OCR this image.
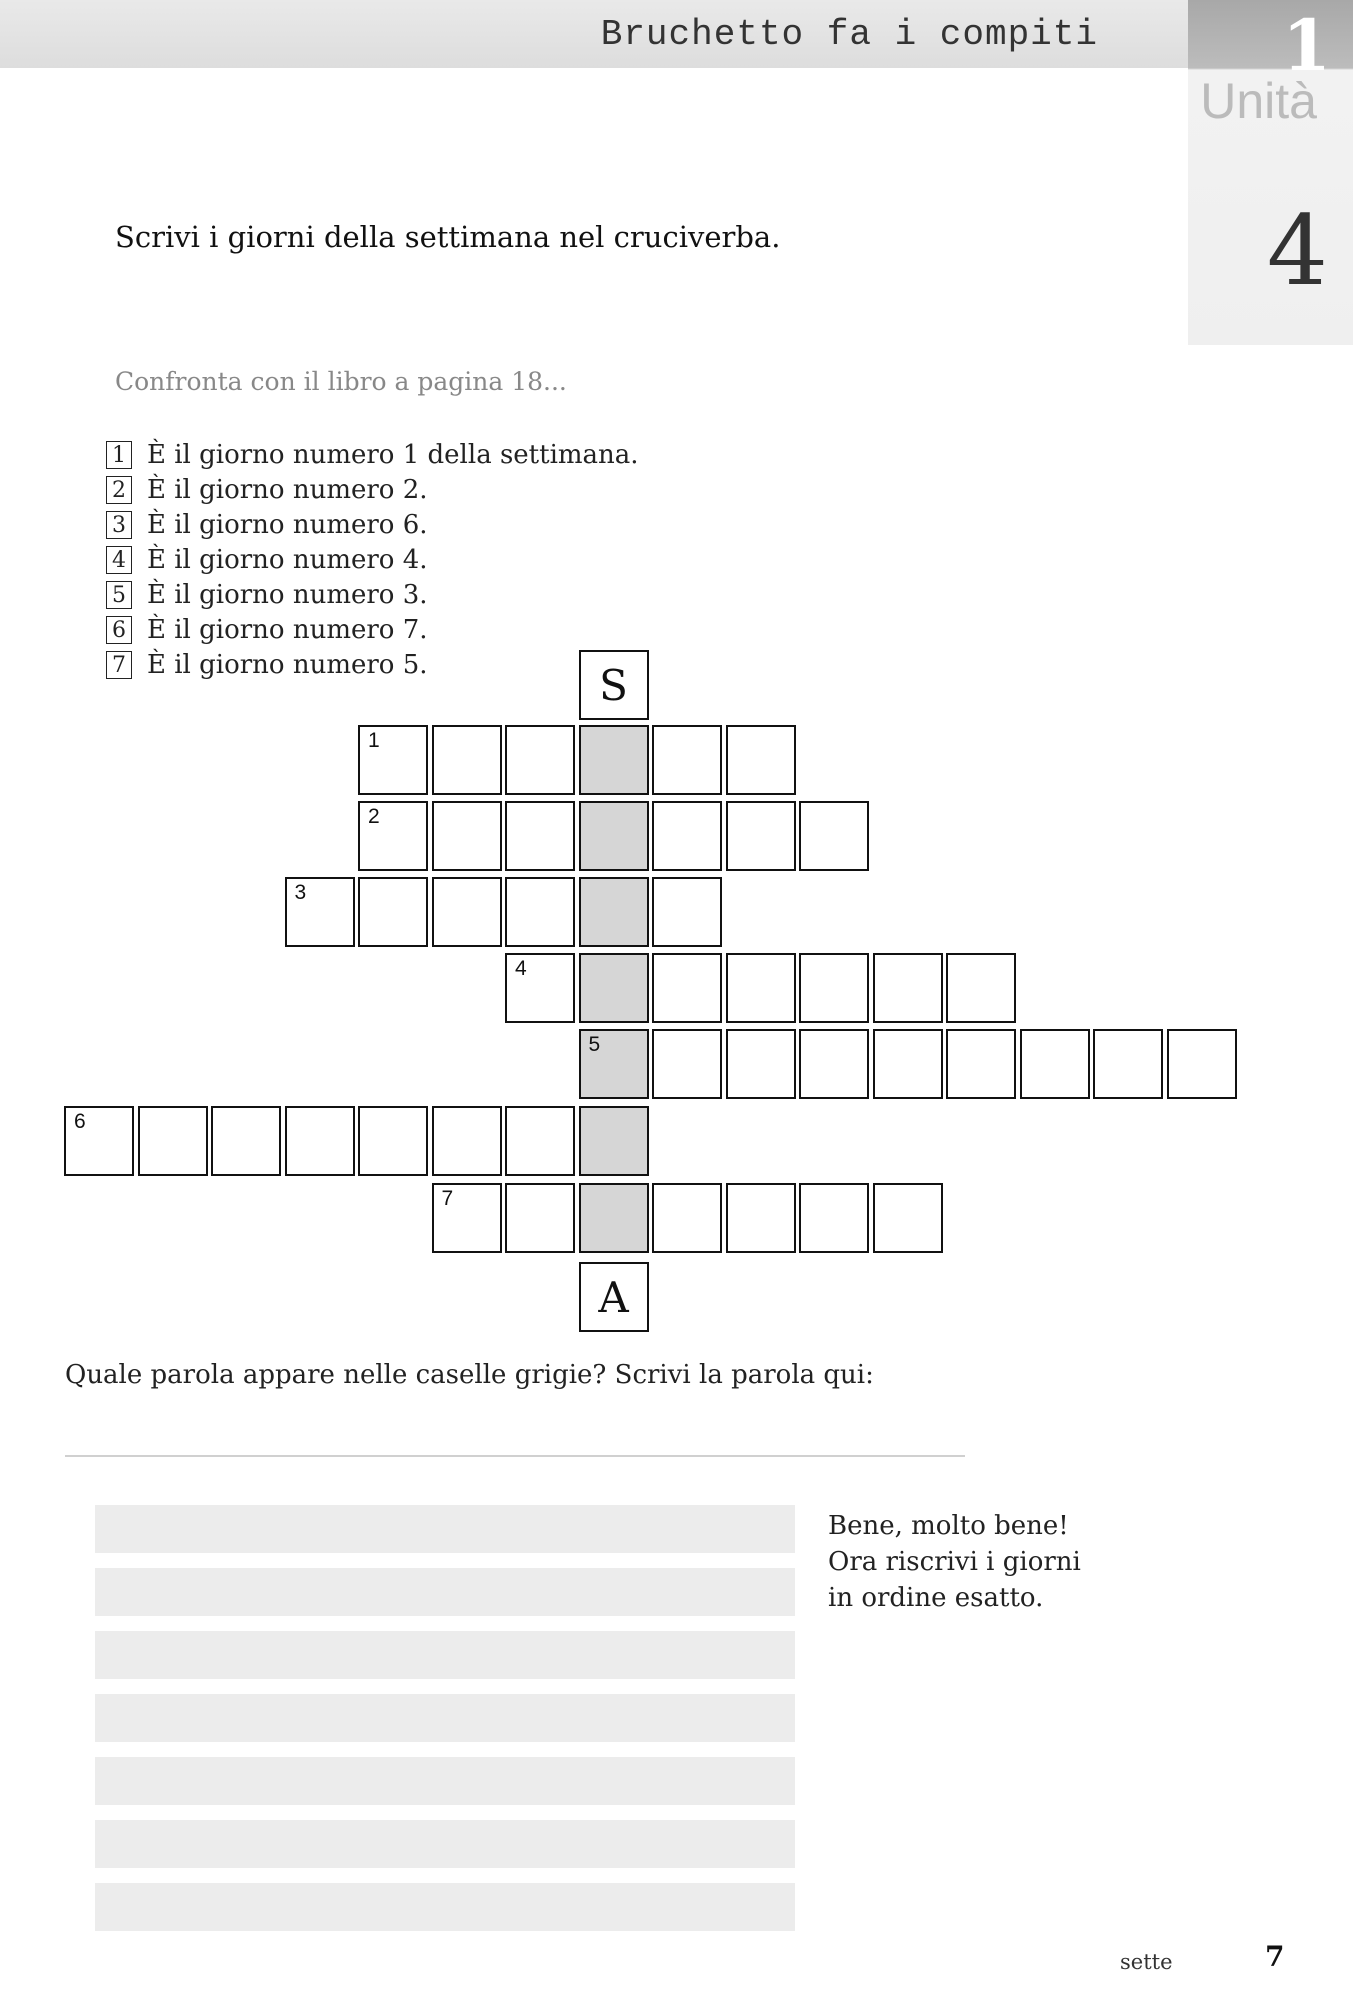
Bruchetto fa i compiti	1
Unità
4
Scrivi i giorni della settimana nel cruciverba.
Confronta con il libro a pagina 18...
1 È il giorno numero 1 della settimana.
2 È il giorno numero 2.
3 È il giorno numero 6.
4 È il giorno numero 4.
5 È il giorno numero 3.
6 È il giorno numero 7.
7 È il giorno numero 5.
1
2
3
4
5
6
7
S
A
Quale parola appare nelle caselle grigie? Scrivi la parola qui:
Bene, molto bene!
Ora riscrivi i giorni
in ordine esatto.
sette	7
